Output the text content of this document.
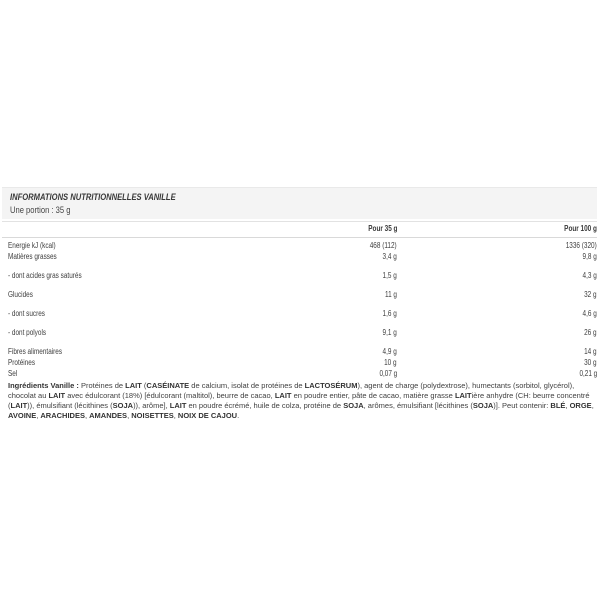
INFORMATIONS NUTRITIONNELLES VANILLE
Une portion : 35 g
Pour 35 g	Pour 100 g
Energie kJ (kcal)	468 (112)	1336 (320)
Matières grasses	3,4 g	9,8 g
- dont acides gras saturés	1,5 g	4,3 g
Glucides	11 g	32 g
- dont sucres	1,6 g	4,6 g
- dont polyols	9,1 g	26 g
Fibres alimentaires	4,9 g	14 g
Protéines	10 g	30 g
Sel	0,07 g	0,21 g

Ingrédients Vanille : Protéines de LAIT (CASÉINATE de calcium, isolat de protéines de LACTOSÉRUM), agent de charge (polydextrose), humectants (sorbitol, glycérol), chocolat au LAIT avec édulcorant (18%) [édulcorant (maltitol), beurre de cacao, LAIT en poudre entier, pâte de cacao, matière grasse LAITière anhydre (CH: beurre concentré (LAIT)), émulsifiant (lécithines (SOJA)), arôme], LAIT en poudre écrémé, huile de colza, protéine de SOJA, arômes, émulsifiant [lécithines (SOJA)]. Peut contenir: BLÉ, ORGE, AVOINE, ARACHIDES, AMANDES, NOISETTES, NOIX DE CAJOU.
